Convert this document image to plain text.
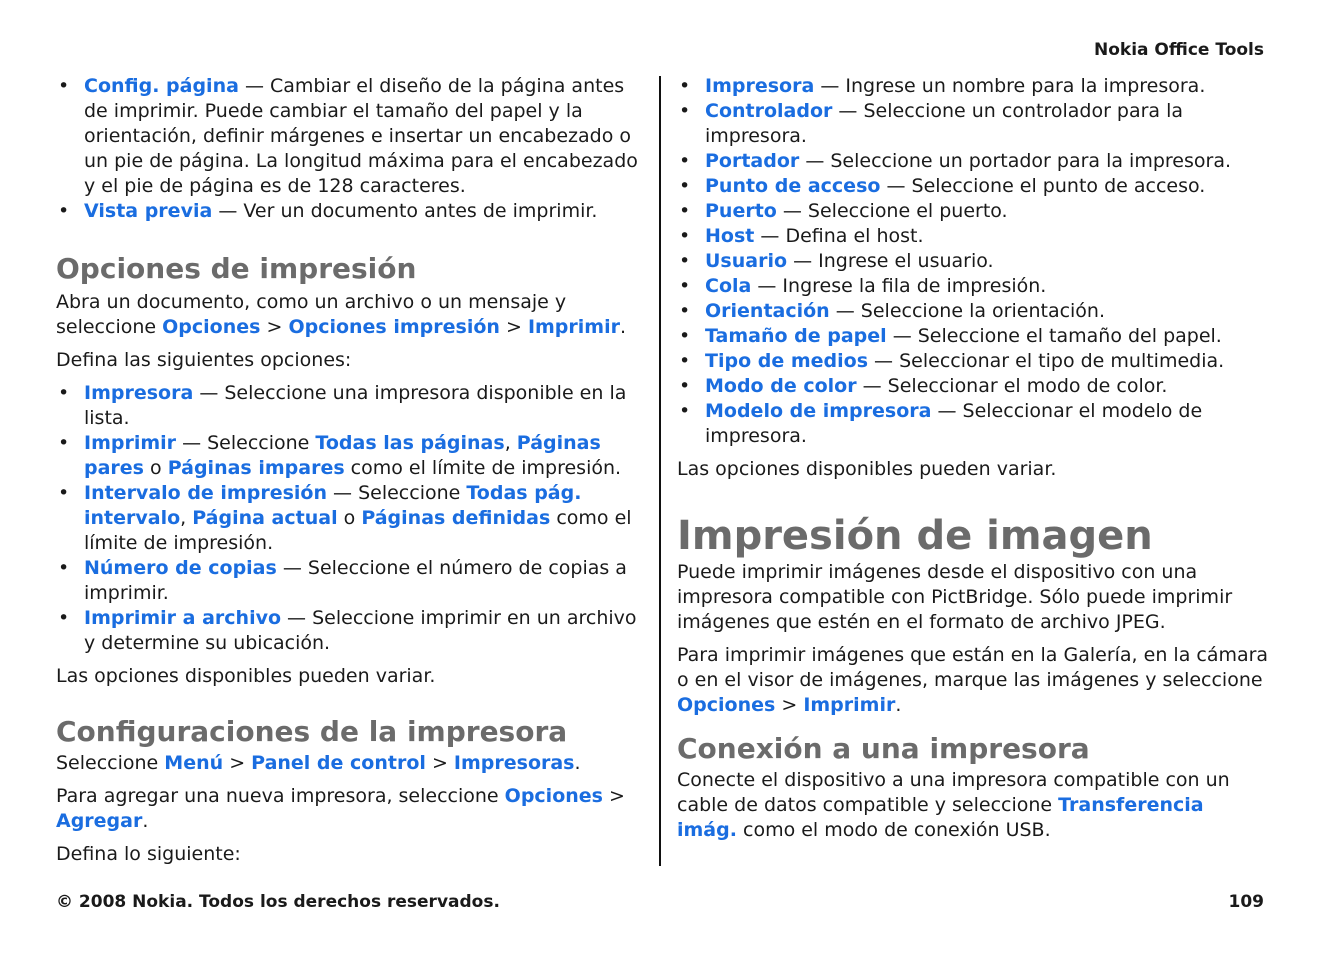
Nokia Office Tools
• Config. página — Cambiar el diseño de la página antes de imprimir. Puede cambiar el tamaño del papel y la orientación, definir márgenes e insertar un encabezado o un pie de página. La longitud máxima para el encabezado y el pie de página es de 128 caracteres.
• Vista previa — Ver un documento antes de imprimir.
Opciones de impresión

Abra un documento, como un archivo o un mensaje y seleccione Opciones > Opciones impresión > Imprimir.

Defina las siguientes opciones:

• Impresora — Seleccione una impresora disponible en la lista.
• Imprimir — Seleccione Todas las páginas, Páginas pares o Páginas impares como el límite de impresión.
• Intervalo de impresión — Seleccione Todas pág. intervalo, Página actual o Páginas definidas como el límite de impresión.
• Número de copias — Seleccione el número de copias a imprimir.
• Imprimir a archivo — Seleccione imprimir en un archivo y determine su ubicación.

Las opciones disponibles pueden variar.

Configuraciones de la impresora

Seleccione Menú > Panel de control > Impresoras.

Para agregar una nueva impresora, seleccione Opciones > Agregar.

Defina lo siguiente:

• Impresora — Ingrese un nombre para la impresora.
• Controlador — Seleccione un controlador para la impresora.
• Portador — Seleccione un portador para la impresora.
• Punto de acceso — Seleccione el punto de acceso.
• Puerto — Seleccione el puerto.
• Host — Defina el host.
• Usuario — Ingrese el usuario.
• Cola — Ingrese la fila de impresión.
• Orientación — Seleccione la orientación.
• Tamaño de papel — Seleccione el tamaño del papel.
• Tipo de medios — Seleccionar el tipo de multimedia.
• Modo de color — Seleccionar el modo de color.
• Modelo de impresora — Seleccionar el modelo de impresora.

Las opciones disponibles pueden variar.

Impresión de imagen

Puede imprimir imágenes desde el dispositivo con una impresora compatible con PictBridge. Sólo puede imprimir imágenes que estén en el formato de archivo JPEG.

Para imprimir imágenes que están en la Galería, en la cámara o en el visor de imágenes, marque las imágenes y seleccione Opciones > Imprimir.

Conexión a una impresora

Conecte el dispositivo a una impresora compatible con un cable de datos compatible y seleccione Transferencia imág. como el modo de conexión USB.

© 2008 Nokia. Todos los derechos reservados.	109
